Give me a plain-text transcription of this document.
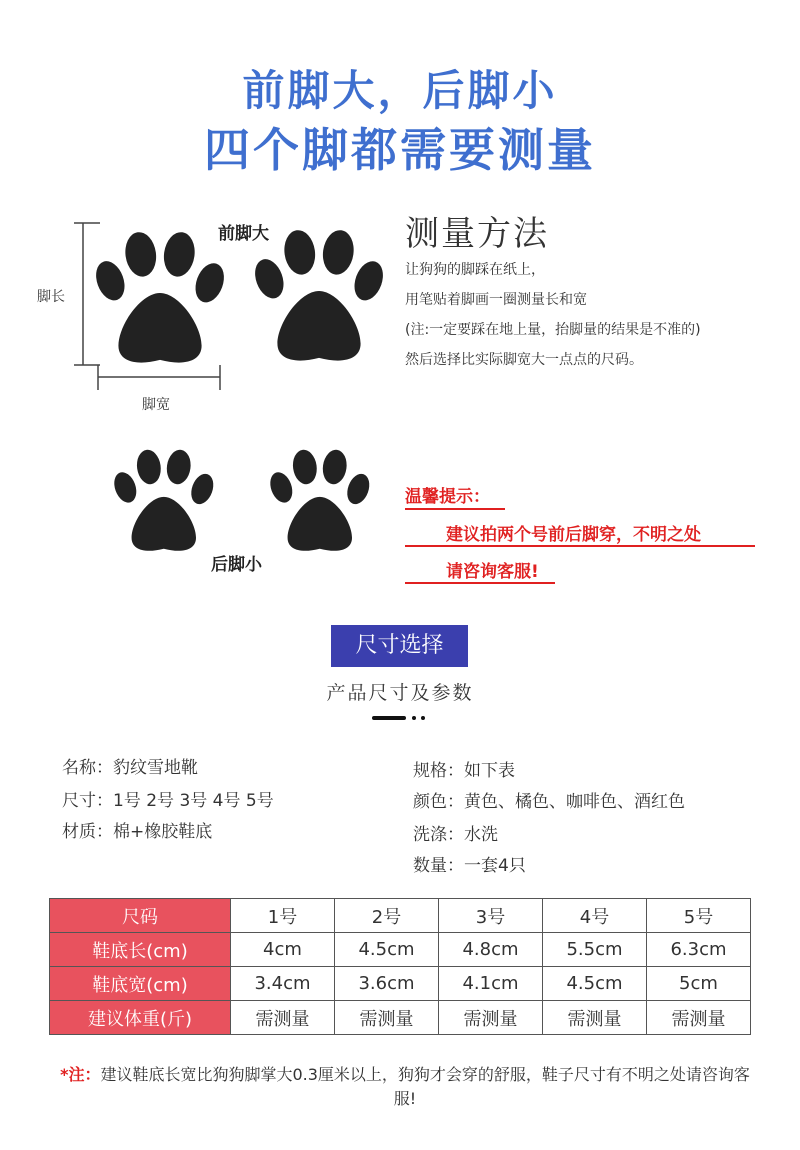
前脚大，后脚小
四个脚都需要测量
脚长
脚宽
前脚大
后脚小
测量方法
让狗狗的脚踩在纸上，
用笔贴着脚画一圈测量长和宽
(注:一定要踩在地上量，抬脚量的结果是不准的)
然后选择比实际脚宽大一点点的尺码。
温馨提示：
建议拍两个号前后脚穿，不明之处
请咨询客服!
尺寸选择
产品尺寸及参数
名称：豹纹雪地靴
尺寸：1号 2号 3号 4号 5号
材质：棉+橡胶鞋底
规格：如下表
颜色：黄色、橘色、咖啡色、酒红色
洗涤：水洗
数量：一套4只
尺码	1号	2号	3号	4号	5号
鞋底长(cm)	4cm	4.5cm	4.8cm	5.5cm	6.3cm
鞋底宽(cm)	3.4cm	3.6cm	4.1cm	4.5cm	5cm
建议体重(斤)	需测量	需测量	需测量	需测量	需测量
*注：建议鞋底长宽比狗狗脚掌大0.3厘米以上，狗狗才会穿的舒服，鞋子尺寸有不明之处请咨询客服!
